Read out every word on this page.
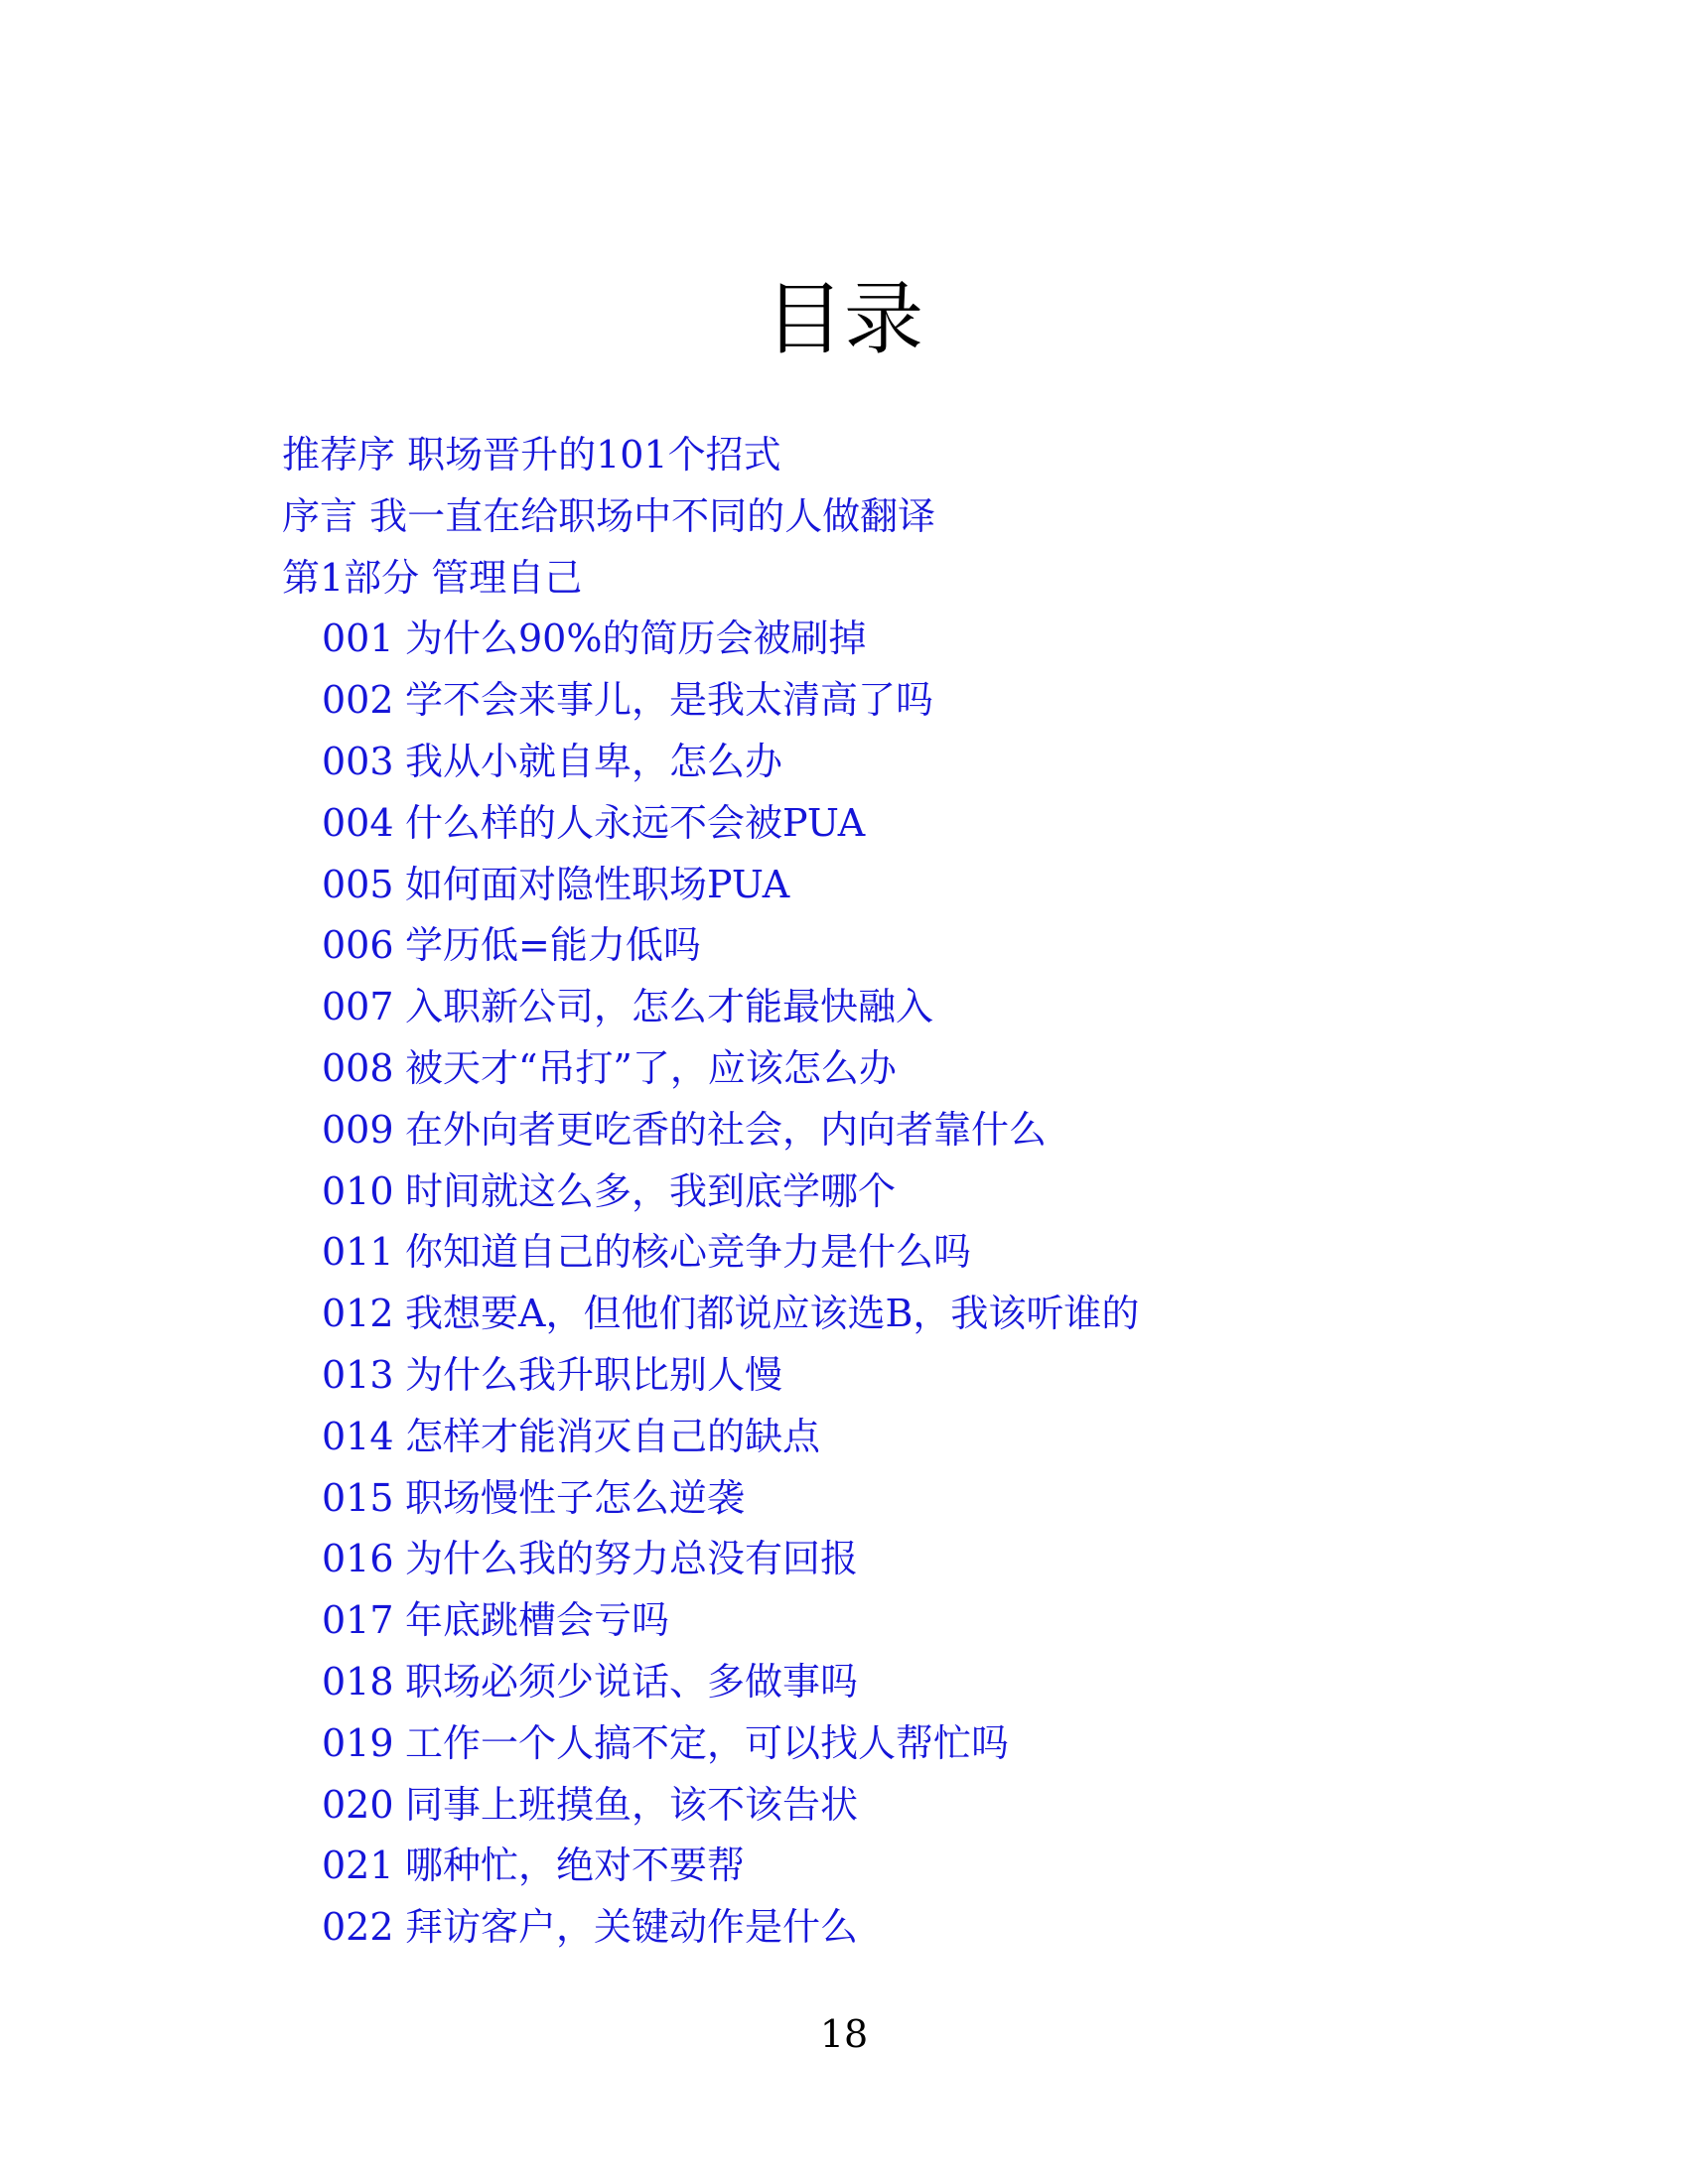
目录
推荐序 职场晋升的101个招式
序言 我一直在给职场中不同的人做翻译
第1部分 管理自己
001 为什么90%的简历会被刷掉
002 学不会来事儿，是我太清高了吗
003 我从小就自卑，怎么办
004 什么样的人永远不会被PUA
005 如何面对隐性职场PUA
006 学历低=能力低吗
007 入职新公司，怎么才能最快融入
008 被天才“吊打”了，应该怎么办
009 在外向者更吃香的社会，内向者靠什么
010 时间就这么多，我到底学哪个
011 你知道自己的核心竞争力是什么吗
012 我想要A，但他们都说应该选B，我该听谁的
013 为什么我升职比别人慢
014 怎样才能消灭自己的缺点
015 职场慢性子怎么逆袭
016 为什么我的努力总没有回报
017 年底跳槽会亏吗
018 职场必须少说话、多做事吗
019 工作一个人搞不定，可以找人帮忙吗
020 同事上班摸鱼，该不该告状
021 哪种忙，绝对不要帮
022 拜访客户，关键动作是什么
18
